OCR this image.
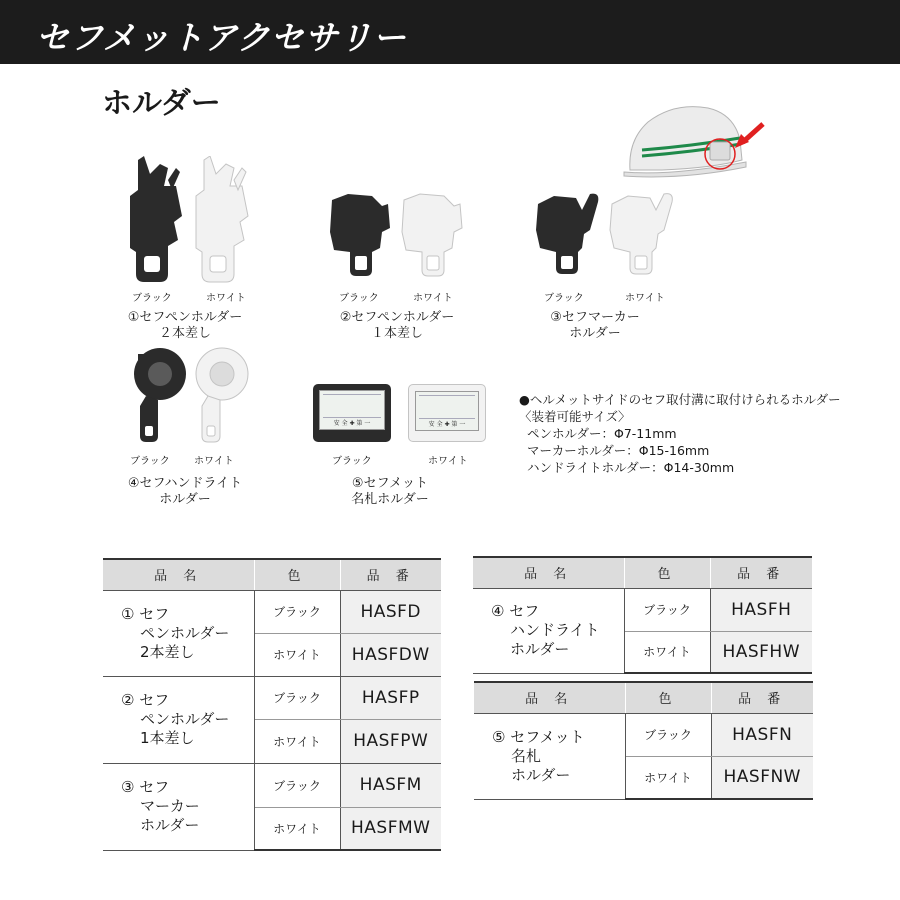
セフメットアクセサリー
ホルダー
ブラック	ホワイト
①セフペンホルダー
２本差し
ブラック	ホワイト
②セフペンホルダー
１本差し
ブラック	ホワイト
③セフマーカー
ホルダー
ブラック ホワイト
④セフハンドライト
ホルダー
安 全 ✚ 第 一	安 全 ✚ 第 一
ブラック	ホワイト
⑤セフメット
名札ホルダー
●ヘルメットサイドのセフ取付溝に取付けられるホルダー
〈装着可能サイズ〉
ペンホルダー：Φ7-11mm
マーカーホルダー：Φ15-16mm
ハンドライトホルダー：Φ14-30mm
品 名	色	品 番
① セフ
ペンホルダー
2本差し	ブラック	HASFD
	ホワイト	HASFDW
② セフ
ペンホルダー
1本差し	ブラック	HASFP
	ホワイト	HASFPW
③ セフ
マーカー
ホルダー	ブラック	HASFM
	ホワイト	HASFMW
品 名	色	品 番
④ セフ
ハンドライト
ホルダー	ブラック	HASFH
	ホワイト	HASFHW
品 名	色	品 番
⑤ セフメット
名札
ホルダー	ブラック	HASFN
	ホワイト	HASFNW
